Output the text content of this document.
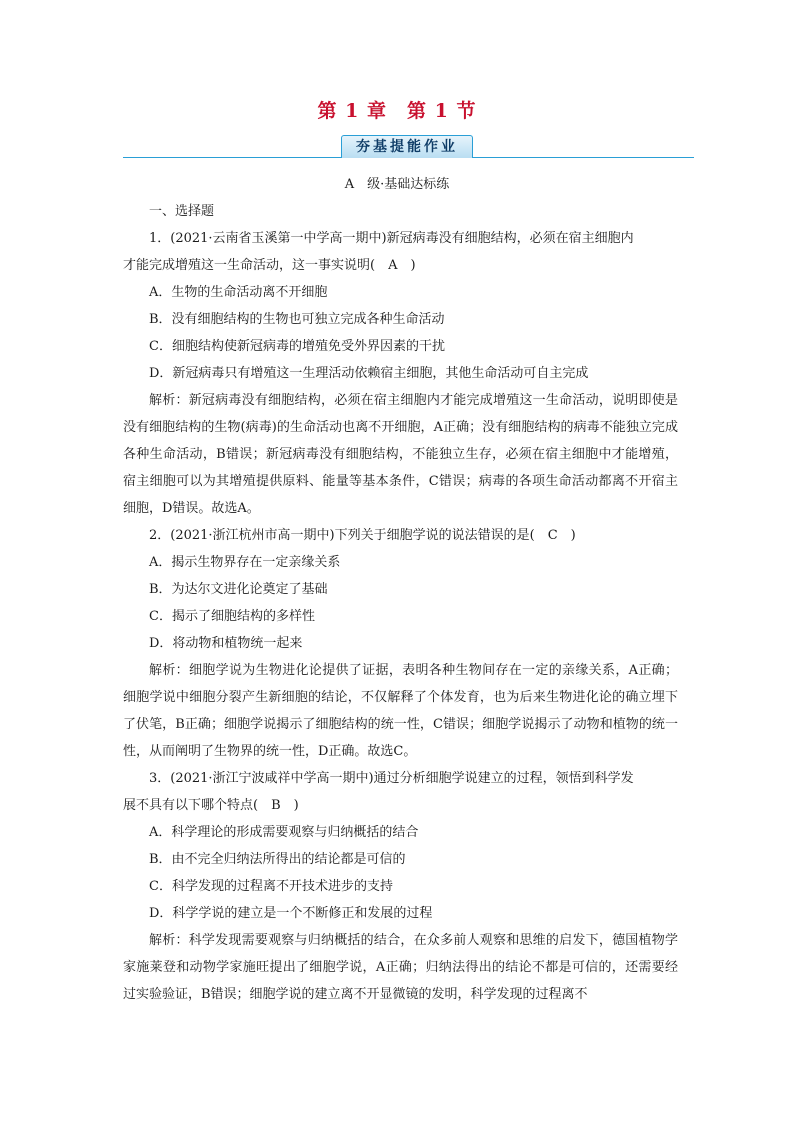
第 1 章　第 1 节
夯基提能作业
A　级·基础达标练

一、选择题

1．(2021·云南省玉溪第一中学高一期中)新冠病毒没有细胞结构，必须在宿主细胞内

才能完成增殖这一生命活动，这一事实说明(　A　)

A．生物的生命活动离不开细胞

B．没有细胞结构的生物也可独立完成各种生命活动

C．细胞结构使新冠病毒的增殖免受外界因素的干扰

D．新冠病毒只有增殖这一生理活动依赖宿主细胞，其他生命活动可自主完成

解析：新冠病毒没有细胞结构，必须在宿主细胞内才能完成增殖这一生命活动，说明即使是没有细胞结构的生物(病毒)的生命活动也离不开细胞，A正确；没有细胞结构的病毒不能独立完成各种生命活动，B错误；新冠病毒没有细胞结构，不能独立生存，必须在宿主细胞中才能增殖，宿主细胞可以为其增殖提供原料、能量等基本条件，C错误；病毒的各项生命活动都离不开宿主细胞，D错误。故选A。

2．(2021·浙江杭州市高一期中)下列关于细胞学说的说法错误的是(　C　)

A．揭示生物界存在一定亲缘关系

B．为达尔文进化论奠定了基础

C．揭示了细胞结构的多样性

D．将动物和植物统一起来

解析：细胞学说为生物进化论提供了证据，表明各种生物间存在一定的亲缘关系，A正确；细胞学说中细胞分裂产生新细胞的结论，不仅解释了个体发育，也为后来生物进化论的确立埋下了伏笔，B正确；细胞学说揭示了细胞结构的统一性，C错误；细胞学说揭示了动物和植物的统一性，从而阐明了生物界的统一性，D正确。故选C。

3．(2021·浙江宁波咸祥中学高一期中)通过分析细胞学说建立的过程，领悟到科学发

展不具有以下哪个特点(　B　)

A．科学理论的形成需要观察与归纳概括的结合

B．由不完全归纳法所得出的结论都是可信的

C．科学发现的过程离不开技术进步的支持

D．科学学说的建立是一个不断修正和发展的过程

解析：科学发现需要观察与归纳概括的结合，在众多前人观察和思维的启发下，德国植物学家施莱登和动物学家施旺提出了细胞学说，A正确；归纳法得出的结论不都是可信的，还需要经过实验验证，B错误；细胞学说的建立离不开显微镜的发明，科学发现的过程离不
